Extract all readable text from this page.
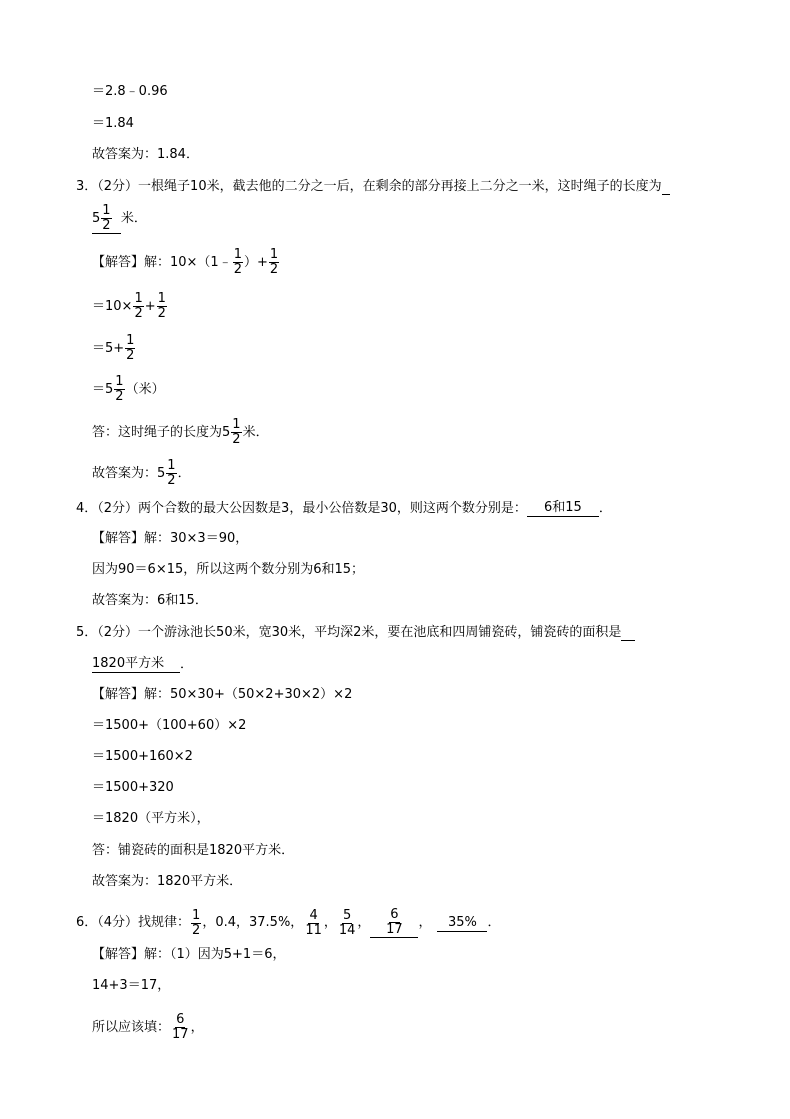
＝2.8﹣0.96
＝1.84
故答案为：1.84．
3．（2分）一根绳子10米，截去他的二分之一后，在剩余的部分再接上二分之一米，这时绳子的长度为

$5 \frac{1}{2}$
米．
【解答】解：10×（1﹣ $\frac{1}{2}$ ）+ $\frac{1}{2}$
$=10\times \frac{1}{2} + \frac{1}{2}$
$=5+ \frac{1}{2}$
$=5 \frac{1}{2}$ （米）
答：这时绳子的长度为$5 \frac{1}{2}$ 米．
故答案为：$5 \frac{1}{2}$ ．
4．（2分）两个合数的最大公因数是3，最小公倍数是30，则这两个数分别是：	6和15	．
【解答】解：30×3＝90，
因为90＝6×15，所以这两个数分别为6和15；
故答案为：6和15．
5．（2分）一个游泳池长50米，宽30米，平均深2米，要在池底和四周铺瓷砖，铺瓷砖的面积是

1820平方米	．
【解答】解：50×30+（50×2+30×2）×2
＝1500+（100+60）×2
＝1500+160×2
＝1500+320
＝1820（平方米），
答：铺瓷砖的面积是1820平方米．
故答案为：1820平方米．
6．（4分）找规律： $\frac{1}{2}$ ，0.4，37.5%， $\frac{4}{11}$ ， $\frac{5}{14}$ ， $\frac{6}{17}$ ，	35% ．
【解答】解：（1）因为5+1＝6，
14+3＝17，
所以应该填： $\frac{6}{17}$ ，
